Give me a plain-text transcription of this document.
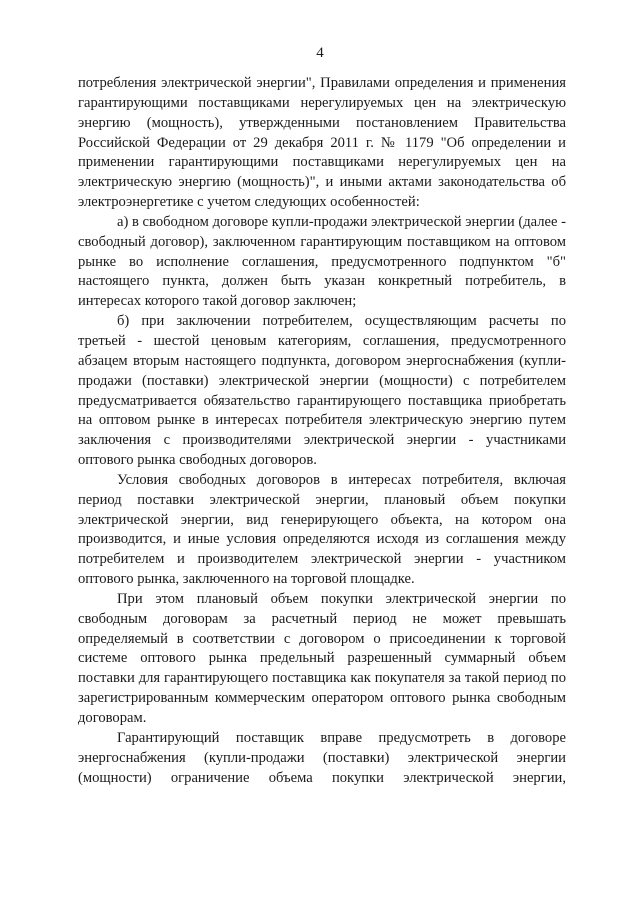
4

потребления электрической энергии", Правилами определения и применения гарантирующими поставщиками нерегулируемых цен на электрическую энергию (мощность), утвержденными постановлением Правительства Российской Федерации от 29 декабря 2011 г. № 1179 "Об определении и применении гарантирующими поставщиками нерегулируемых цен на электрическую энергию (мощность)", и иными актами законодательства об электроэнергетике с учетом следующих особенностей:

а) в свободном договоре купли-продажи электрической энергии (далее - свободный договор), заключенном гарантирующим поставщиком на оптовом рынке во исполнение соглашения, предусмотренного подпунктом "б" настоящего пункта, должен быть указан конкретный потребитель, в интересах которого такой договор заключен;

б) при заключении потребителем, осуществляющим расчеты по третьей - шестой ценовым категориям, соглашения, предусмотренного абзацем вторым настоящего подпункта, договором энергоснабжения (купли-продажи (поставки) электрической энергии (мощности) с потребителем предусматривается обязательство гарантирующего поставщика приобретать на оптовом рынке в интересах потребителя электрическую энергию путем заключения с производителями электрической энергии - участниками оптового рынка свободных договоров.

Условия свободных договоров в интересах потребителя, включая период поставки электрической энергии, плановый объем покупки электрической энергии, вид генерирующего объекта, на котором она производится, и иные условия определяются исходя из соглашения между потребителем и производителем электрической энергии - участником оптового рынка, заключенного на торговой площадке.

При этом плановый объем покупки электрической энергии по свободным договорам за расчетный период не может превышать определяемый в соответствии с договором о присоединении к торговой системе оптового рынка предельный разрешенный суммарный объем поставки для гарантирующего поставщика как покупателя за такой период по зарегистрированным коммерческим оператором оптового рынка свободным договорам.

Гарантирующий поставщик вправе предусмотреть в договоре энергоснабжения (купли-продажи (поставки) электрической энергии (мощности) ограничение объема покупки электрической энергии,
